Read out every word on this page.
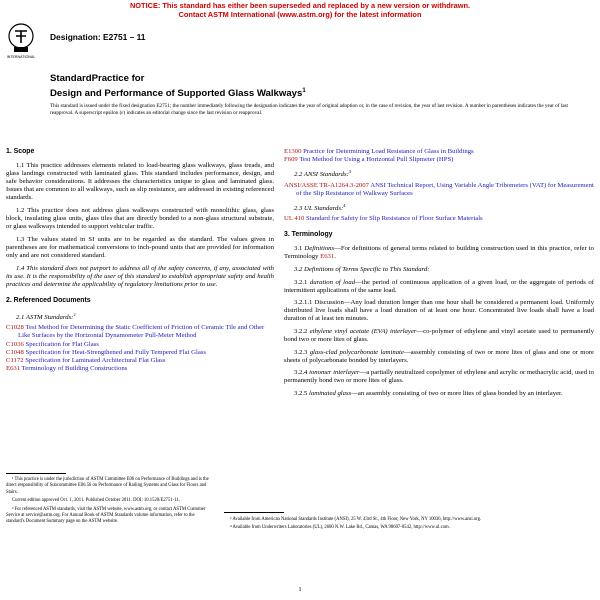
NOTICE: This standard has either been superseded and replaced by a new version or withdrawn.
Contact ASTM International (www.astm.org) for the latest information
INTERNATIONAL
Designation: E2751 – 11
StandardPractice for
Design and Performance of Supported Glass Walkways$^1$
This standard is issued under the fixed designation E2751; the number immediately following the designation indicates the year of original adoption or, in the case of revision, the year of last revision. A number in parentheses indicates the year of last reapproval. A superscript epsilon (ε) indicates an editorial change since the last revision or reapproval.
1. Scope

1.1 This practice addresses elements related to load-bearing glass walkways, glass treads, and glass landings constructed with laminated glass. This standard includes performance, design, and safe behavior considerations. It addresses the characteristics unique to glass and laminated glass. Issues that are common to all walkways, such as slip resistance, are addressed in existing referenced standards.

1.2 This practice does not address glass walkways constructed with monolithic glass, glass block, insulating glass units, glass tiles that are directly bonded to a non-glass structural substrate, or glass walkways intended to support vehicular traffic.

1.3 The values stated in SI units are to be regarded as the standard. The values given in parentheses are for mathematical conversions to inch-pound units that are provided for information only and are not considered standard.

1.4 This standard does not purport to address all of the safety concerns, if any, associated with its use. It is the responsibility of the user of this standard to establish appropriate safety and health practices and determine the applicability of regulatory limitations prior to use.

2. Referenced Documents

2.1 ASTM Standards:$^2$

C1028 Test Method for Determining the Static Coefficient of Friction of Ceramic Tile and Other Like Surfaces by the Horizontal Dynamometer Pull-Meter Method

C1036 Specification for Flat Glass

C1048 Specification for Heat-Strengthened and Fully Tempered Flat Glass

C1172 Specification for Laminated Architectural Flat Glass

E631 Terminology of Building Constructions

E1300 Practice for Determining Load Resistance of Glass in Buildings

F609 Test Method for Using a Horizontal Pull Slipmeter (HPS)

2.2 ANSI Standards:$^3$

ANSI/ASSE TR-A1264.3-2007 ANSI Technical Report, Using Variable Angle Tribometers (VAT) for Measurement of the Slip Resistance of Walkway Surfaces

2.3 UL Standards:$^4$

UL 410 Standard for Safety for Slip Resistance of Floor Surface Materials

3. Terminology

3.1 Definitions—For definitions of general terms related to building construction used in this practice, refer to Terminology E631.

3.2 Definitions of Terms Specific to This Standard:

3.2.1 duration of load—the period of continuous application of a given load, or the aggregate of periods of intermittent applications of the same load.

3.2.1.1 Discussion—Any load duration longer than one hour shall be considered a permanent load. Uniformly distributed live loads shall have a load duration of at least one hour. Concentrated live loads shall have a load duration of at least ten minutes.

3.2.2 ethylene vinyl acetate (EVA) interlayer—co-polymer of ethylene and vinyl acetate used to permanently bond two or more lites of glass.

3.2.3 glass-clad polycarbonate laminate—assembly consisting of two or more lites of glass and one or more sheets of polycarbonate bonded by interlayers.

3.2.4 ionomer interlayer—a partially neutralized copolymer of ethylene and acrylic or methacrylic acid, used to permanently bond two or more lites of glass.

3.2.5 laminated glass—an assembly consisting of two or more lites of glass bonded by an interlayer.

¹ This practice is under the jurisdiction of ASTM Committee E06 on Performance of Buildings and is the direct responsibility of Subcommittee E06.56 on Performance of Railing Systems and Glass for Floors and Stairs.

Current edition approved Oct. 1, 2011. Published October 2011. DOI: 10.1520/E2751-11.

² For referenced ASTM standards, visit the ASTM website, www.astm.org, or contact ASTM Customer Service at service@astm.org. For Annual Book of ASTM Standards volume information, refer to the standard's Document Summary page on the ASTM website.	³ Available from American National Standards Institute (ANSI), 25 W. 43rd St., 4th Floor, New York, NY 10036, http://www.ansi.org.

⁴ Available from Underwriters Laboratories (UL), 2600 N.W. Lake Rd., Camas, WA 98607-8542, http://www.ul.com.

1
